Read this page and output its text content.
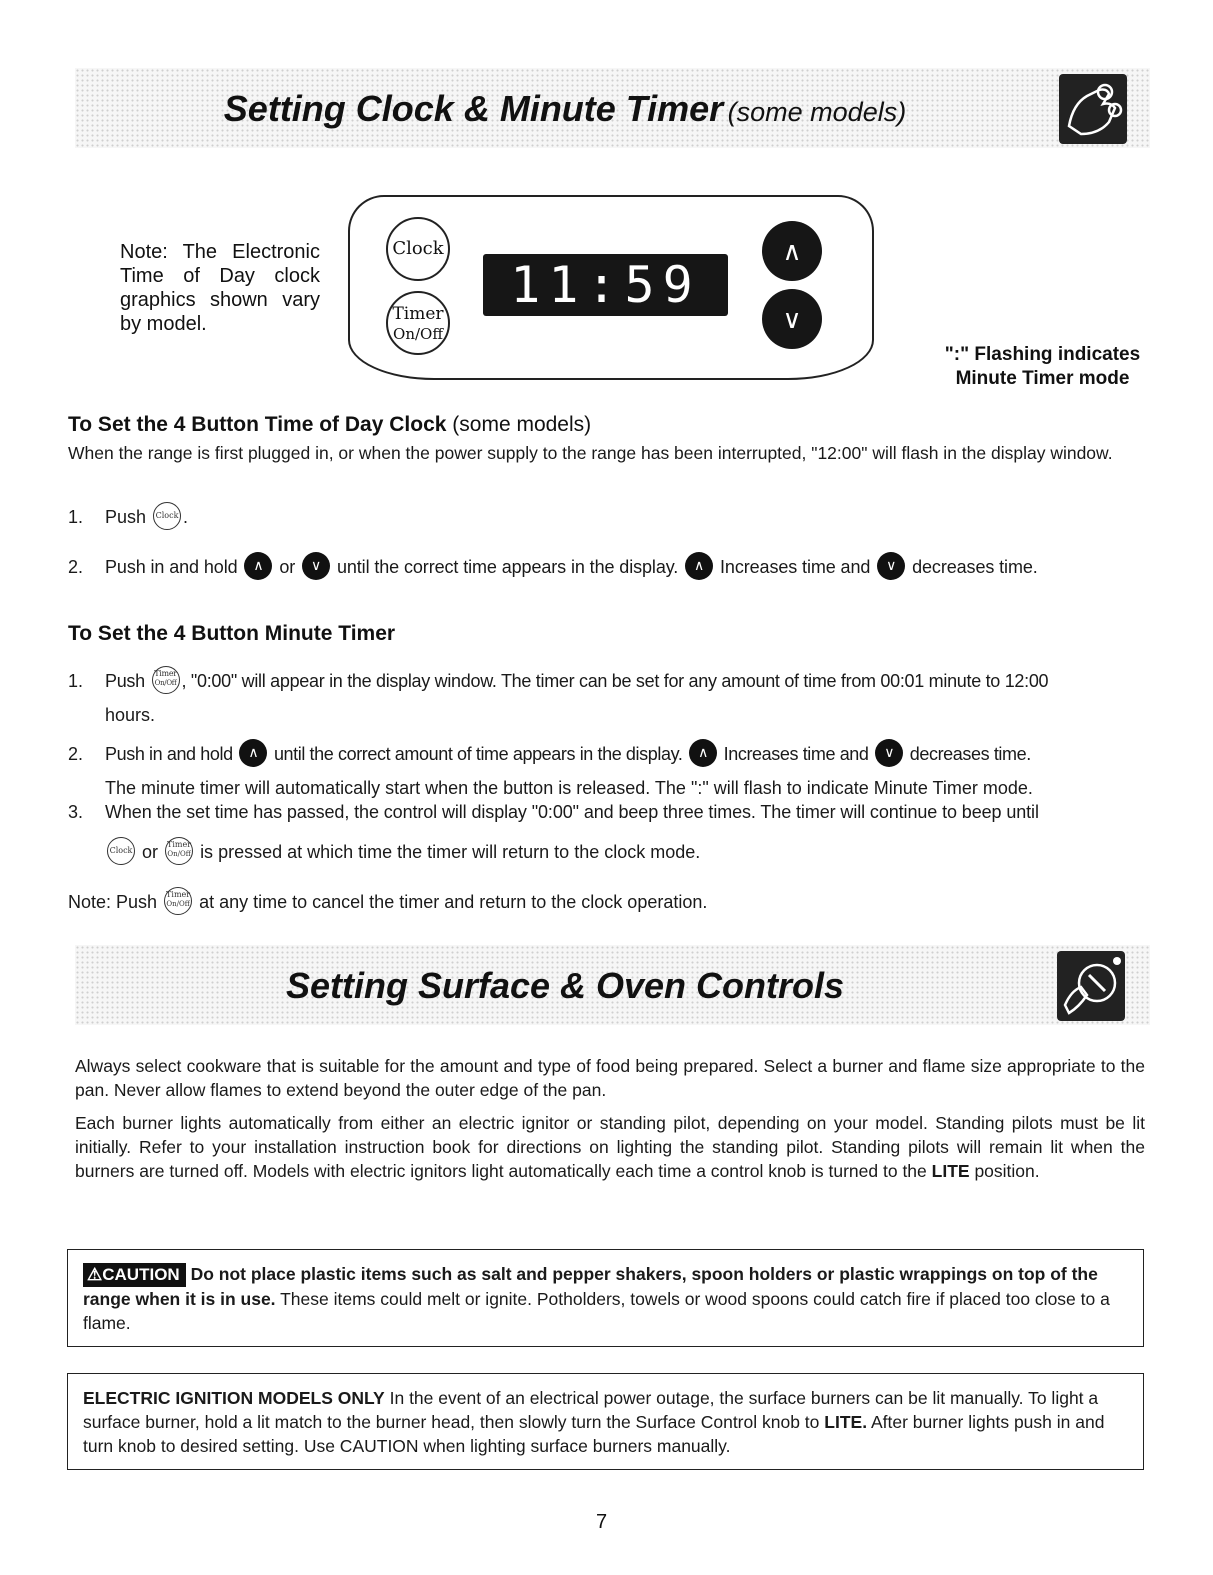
Setting Clock & Minute Timer (some models)
Note: The Electronic Time of Day clock graphics shown vary by model.
Clock
Timer
On/Off
11:59
∧
∨
":" Flashing indicates
Minute Timer mode
To Set the 4 Button Time of Day Clock (some models)
When the range is first plugged in, or when the power supply to the range has been interrupted, "12:00" will flash in the display window.
1. Push Clock .
2. Push in and hold ∧ or ∨ until the correct time appears in the display. ∧ Increases time and ∨ decreases time.
To Set the 4 Button Minute Timer
1. Push Timer
On/Off , "0:00" will appear in the display window. The timer can be set for any amount of time from 00:01 minute to 12:00
hours.
2. Push in and hold ∧ until the correct amount of time appears in the display. ∧ Increases time and ∨ decreases time.
The minute timer will automatically start when the button is released. The ":" will flash to indicate Minute Timer mode.
3. When the set time has passed, the control will display "0:00" and beep three times. The timer will continue to beep until
Clock or Timer
On/Off is pressed at which time the timer will return to the clock mode.
Note: Push Timer
On/Off at any time to cancel the timer and return to the clock operation.
Setting Surface & Oven Controls
Always select cookware that is suitable for the amount and type of food being prepared. Select a burner and flame size appropriate to the pan. Never allow flames to extend beyond the outer edge of the pan.
Each burner lights automatically from either an electric ignitor or standing pilot, depending on your model. Standing pilots must be lit initially. Refer to your installation instruction book for directions on lighting the standing pilot. Standing pilots will remain lit when the burners are turned off. Models with electric ignitors light automatically each time a control knob is turned to the LITE position.
⚠CAUTION Do not place plastic items such as salt and pepper shakers, spoon holders or plastic wrappings on top of the range when it is in use. These items could melt or ignite. Potholders, towels or wood spoons could catch fire if placed too close to a flame.
ELECTRIC IGNITION MODELS ONLY In the event of an electrical power outage, the surface burners can be lit manually. To light a surface burner, hold a lit match to the burner head, then slowly turn the Surface Control knob to LITE. After burner lights push in and turn knob to desired setting. Use CAUTION when lighting surface burners manually.
7
